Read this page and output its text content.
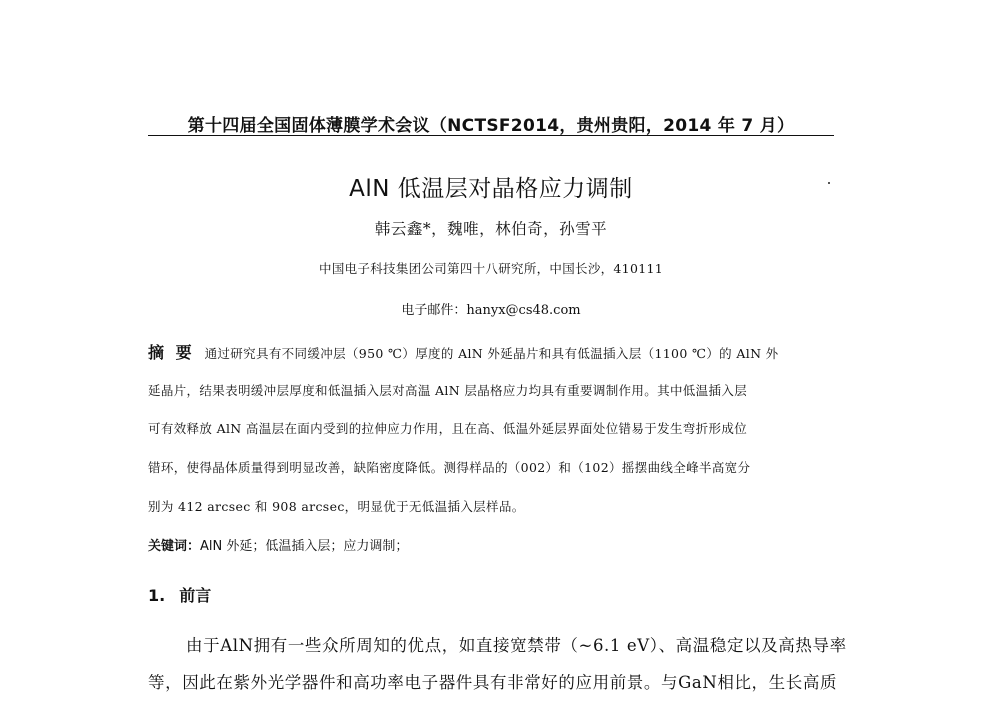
第十四届全国固体薄膜学术会议（NCTSF2014，贵州贵阳，2014 年 7 月）
AlN 低温层对晶格应力调制
韩云鑫*，魏唯，林伯奇，孙雪平
中国电子科技集团公司第四十八研究所，中国长沙，410111
电子邮件：hanyx@cs48.com
摘 要 通过研究具有不同缓冲层（950 ℃）厚度的 AlN 外延晶片和具有低温插入层（1100 ℃）的 AlN 外
延晶片，结果表明缓冲层厚度和低温插入层对高温 AlN 层晶格应力均具有重要调制作用。其中低温插入层
可有效释放 AlN 高温层在面内受到的拉伸应力作用，且在高、低温外延层界面处位错易于发生弯折形成位
错环，使得晶体质量得到明显改善，缺陷密度降低。测得样品的（002）和（102）摇摆曲线全峰半高宽分
别为 412 arcsec 和 908 arcsec，明显优于无低温插入层样品。
关键词：AlN 外延；低温插入层；应力调制；
1. 前言
由于AlN拥有一些众所周知的优点，如直接宽禁带（~6.1 eV）、高温稳定以及高热导率
等，因此在紫外光学器件和高功率电子器件具有非常好的应用前景。与GaN相比，生长高质
